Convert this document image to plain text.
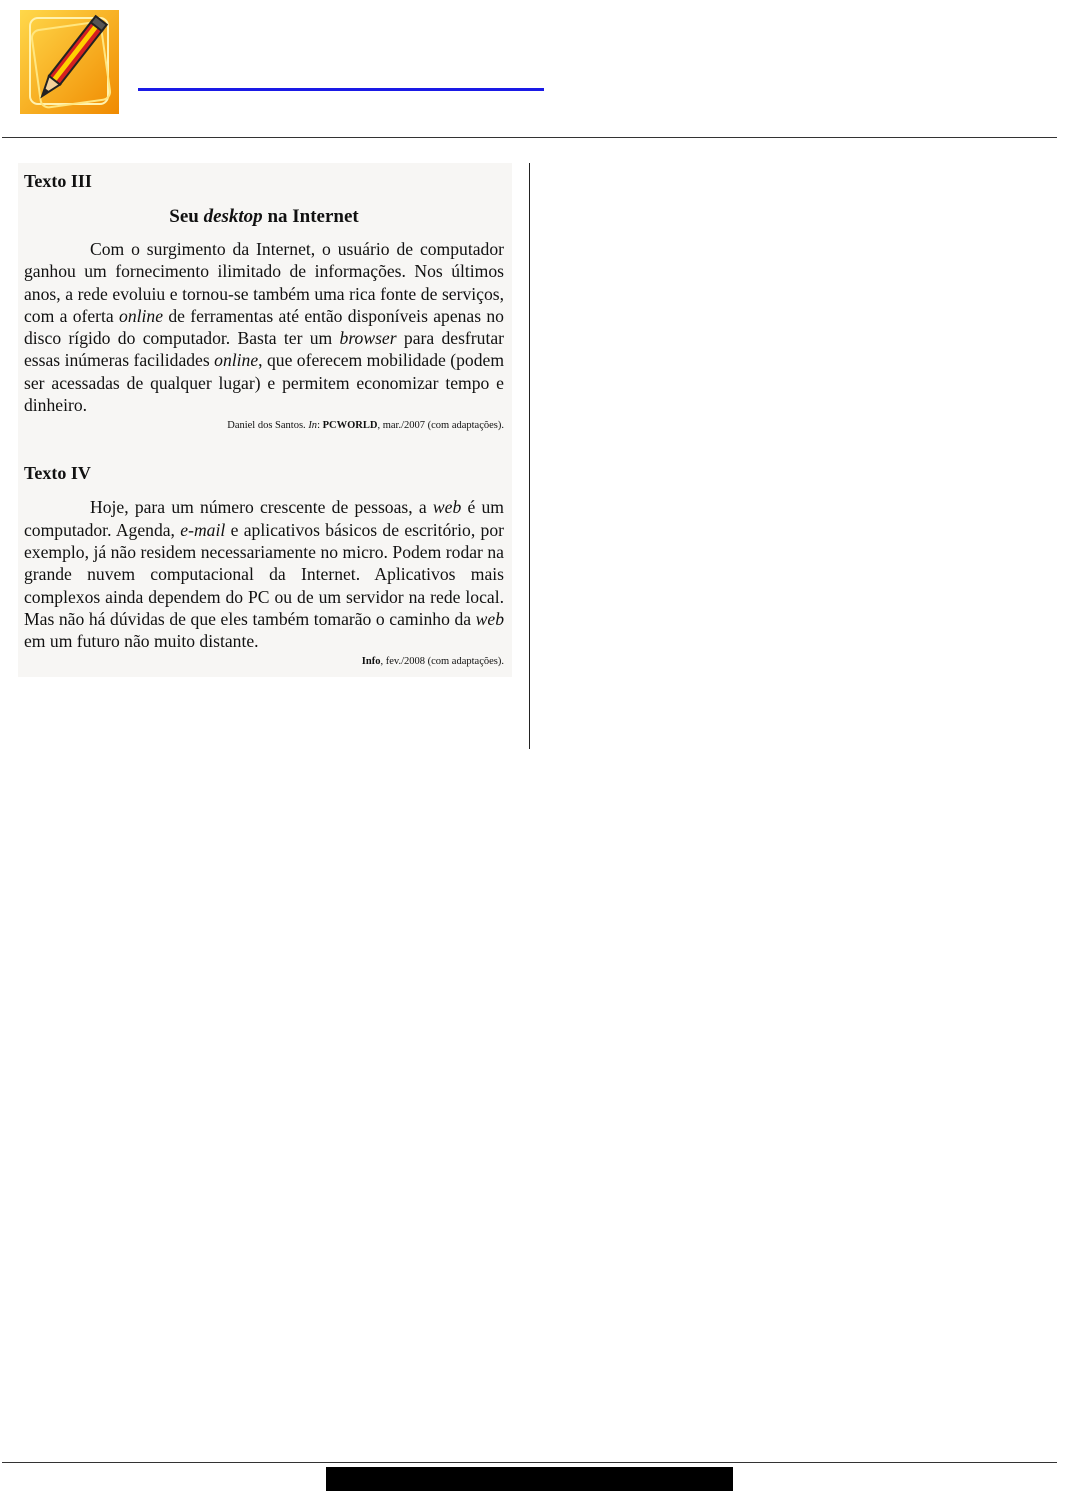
Texto III

Seu desktop na Internet

Com o surgimento da Internet, o usuário de computador ganhou um fornecimento ilimitado de informações. Nos últimos anos, a rede evoluiu e tornou-se também uma rica fonte de serviços, com a oferta online de ferramentas até então disponíveis apenas no disco rígido do computador. Basta ter um browser para desfrutar essas inúmeras facilidades online, que oferecem mobilidade (podem ser acessadas de qualquer lugar) e permitem economizar tempo e dinheiro.

Daniel dos Santos. In: PCWORLD, mar./2007 (com adaptações).

Texto IV

Hoje, para um número crescente de pessoas, a web é um computador. Agenda, e-mail e aplicativos básicos de escritório, por exemplo, já não residem necessariamente no micro. Podem rodar na grande nuvem computacional da Internet. Aplicativos mais complexos ainda dependem do PC ou de um servidor na rede local. Mas não há dúvidas de que eles também tomarão o caminho da web em um futuro não muito distante.

Info, fev./2008 (com adaptações).
